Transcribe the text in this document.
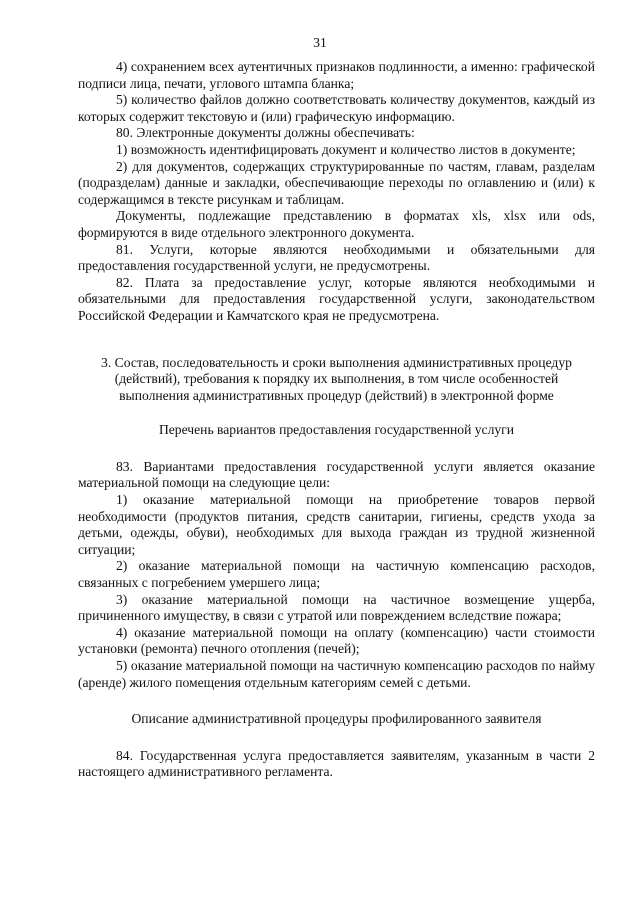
31

4) сохранением всех аутентичных признаков подлинности, а именно: графической подписи лица, печати, углового штампа бланка;

5) количество файлов должно соответствовать количеству документов, каждый из которых содержит текстовую и (или) графическую информацию.

80. Электронные документы должны обеспечивать:

1) возможность идентифицировать документ и количество листов в документе;

2) для документов, содержащих структурированные по частям, главам, разделам (подразделам) данные и закладки, обеспечивающие переходы по оглавлению и (или) к содержащимся в тексте рисункам и таблицам.

Документы, подлежащие представлению в форматах xls, xlsx или ods, формируются в виде отдельного электронного документа.

81. Услуги, которые являются необходимыми и обязательными для предоставления государственной услуги, не предусмотрены.

82. Плата за предоставление услуг, которые являются необходимыми и обязательными для предоставления государственной услуги, законодательством Российской Федерации и Камчатского края не предусмотрена.

3. Состав, последовательность и сроки выполнения административных процедур (действий), требования к порядку их выполнения, в том числе особенностей выполнения административных процедур (действий) в электронной форме

Перечень вариантов предоставления государственной услуги

83. Вариантами предоставления государственной услуги является оказание материальной помощи на следующие цели:

1) оказание материальной помощи на приобретение товаров первой необходимости (продуктов питания, средств санитарии, гигиены, средств ухода за детьми, одежды, обуви), необходимых для выхода граждан из трудной жизненной ситуации;

2) оказание материальной помощи на частичную компенсацию расходов, связанных с погребением умершего лица;

3) оказание материальной помощи на частичное возмещение ущерба, причиненного имуществу, в связи с утратой или повреждением вследствие пожара;

4) оказание материальной помощи на оплату (компенсацию) части стоимости установки (ремонта) печного отопления (печей);

5) оказание материальной помощи на частичную компенсацию расходов по найму (аренде) жилого помещения отдельным категориям семей с детьми.

Описание административной процедуры профилированного заявителя

84. Государственная услуга предоставляется заявителям, указанным в части 2 настоящего административного регламента.
